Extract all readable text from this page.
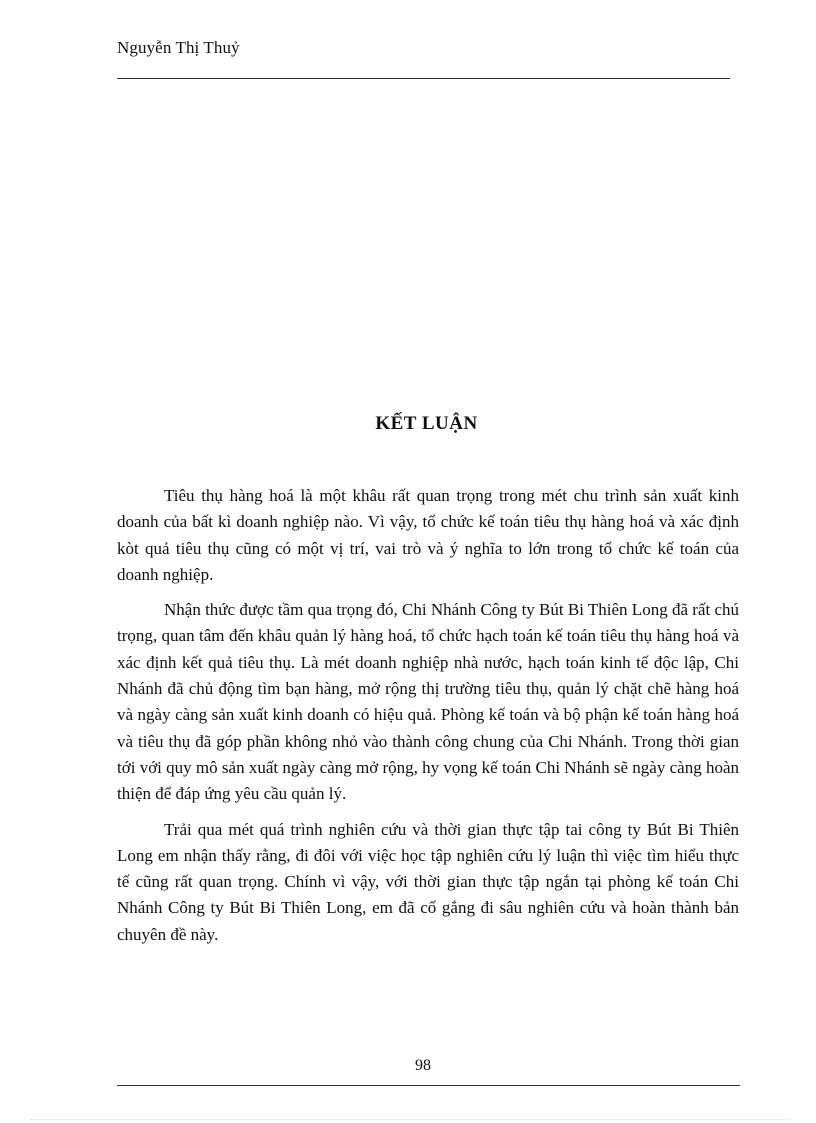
Nguyễn Thị Thuỷ
KẾT LUẬN

Tiêu thụ hàng hoá là một khâu rất quan trọng trong mét chu trình sản xuất kinh doanh của bất kì doanh nghiệp nào. Vì vậy, tổ chức kế toán tiêu thụ hàng hoá và xác định kòt quả tiêu thụ cũng có một vị trí, vai trò và ý nghĩa to lớn trong tổ chức kế toán của doanh nghiệp.

Nhận thức được tầm qua trọng đó, Chi Nhánh Công ty Bút Bi Thiên Long đã rất chú trọng, quan tâm đến khâu quản lý hàng hoá, tổ chức hạch toán kế toán tiêu thụ hàng hoá và xác định kết quả tiêu thụ. Là mét doanh nghiệp nhà nước, hạch toán kinh tế độc lập, Chi Nhánh đã chủ động tìm bạn hàng, mở rộng thị trường tiêu thụ, quản lý chặt chẽ hàng hoá và ngày càng sản xuất kinh doanh có hiệu quả. Phòng kế toán và bộ phận kế toán hàng hoá và tiêu thụ đã góp phần không nhỏ vào thành công chung của Chi Nhánh. Trong thời gian tới với quy mô sản xuất ngày càng mở rộng, hy vọng kế toán Chi Nhánh sẽ ngày càng hoàn thiện để đáp ứng yêu cầu quản lý.

Trải qua mét quá trình nghiên cứu và thời gian thực tập tai công ty Bút Bi Thiên Long em nhận thấy rằng, đi đôi với việc học tập nghiên cứu lý luận thì việc tìm hiểu thực tế cũng rất quan trọng. Chính vì vậy, với thời gian thực tập ngắn tại phòng kế toán Chi Nhánh Công ty Bút Bi Thiên Long, em đã cố gắng đi sâu nghiên cứu và hoàn thành bản chuyên đề này.

98
